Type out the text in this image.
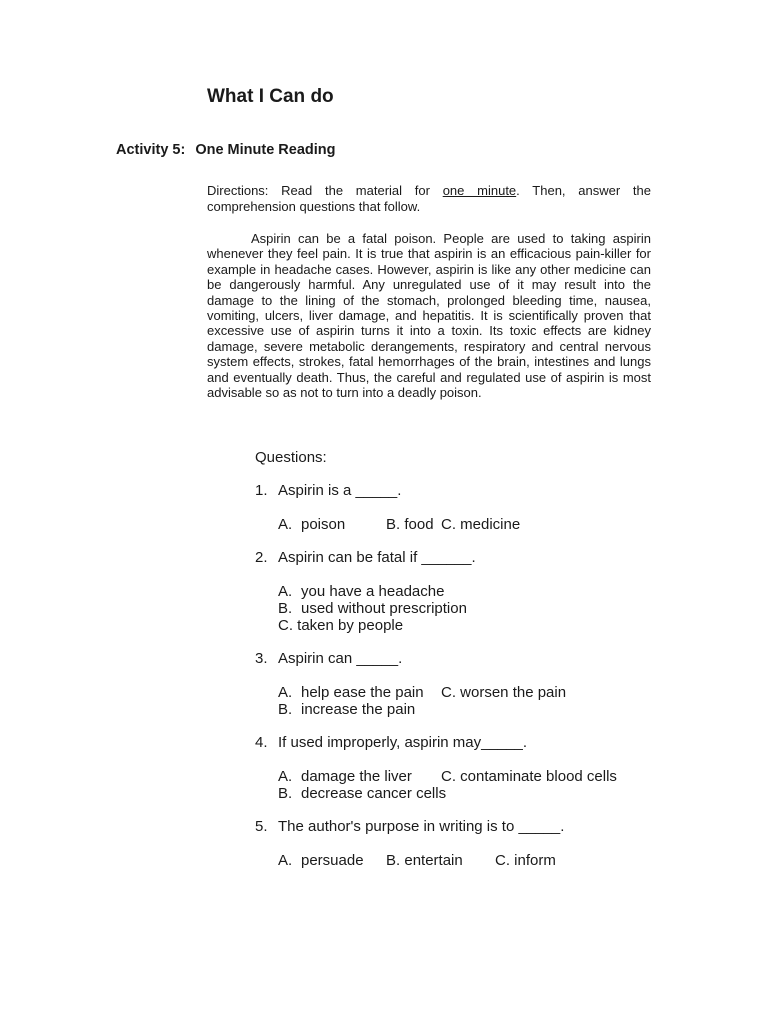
What I Can do
Activity 5: One Minute Reading
Directions: Read the material for one minute. Then, answer the comprehension questions that follow.
Aspirin can be a fatal poison. People are used to taking aspirin whenever they feel pain. It is true that aspirin is an efficacious pain-killer for example in headache cases. However, aspirin is like any other medicine can be dangerously harmful. Any unregulated use of it may result into the damage to the lining of the stomach, prolonged bleeding time, nausea, vomiting, ulcers, liver damage, and hepatitis. It is scientifically proven that excessive use of aspirin turns it into a toxin. Its toxic effects are kidney damage, severe metabolic derangements, respiratory and central nervous system effects, strokes, fatal hemorrhages of the brain, intestines and lungs and eventually death. Thus, the careful and regulated use of aspirin is most advisable so as not to turn into a deadly poison.
Questions:
1. Aspirin is a _____.
A. poison	B. food C. medicine
2. Aspirin can be fatal if ______.
A. you have a headache
B. used without prescription
C. taken by people
3. Aspirin can _____.
A. help ease the pain C. worsen the pain
B. increase the pain
4. If used improperly, aspirin may_____.
A. damage the liver C. contaminate blood cells
B. decrease cancer cells
5. The author's purpose in writing is to _____.
A. persuade B. entertain C. inform
